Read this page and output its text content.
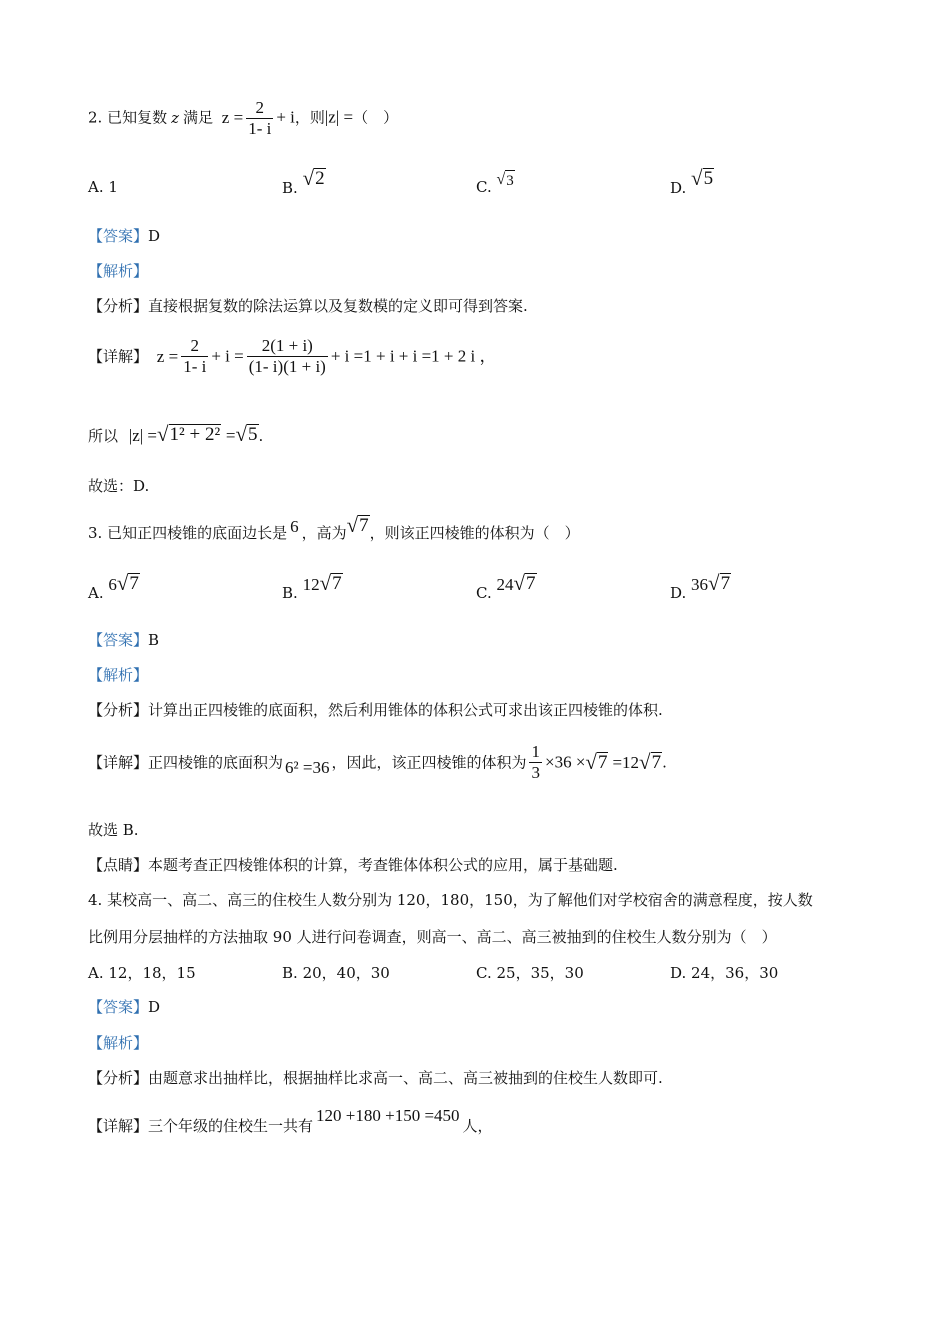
2. 已知复数 z 满足 $z = \frac{2}{1- i} + i$，则|z| =（　）
A. 1	B. √ 2	C. √ 3	D. √ 5
【答案】D
【解析】
【分析】直接根据复数的除法运算以及复数模的定义即可得到答案.
【详解】 $z = \frac{2}{1- i} + i = \frac{2(1 + i)}{(1- i)(1 + i)} + i =1 + i + i =1 + 2$ i ，
所以 |z| = √ 1² + 2² = √ 5 .
故选：D.
3. 已知正四棱锥的底面边长是 6 ，高为 √ 7 ，则该正四棱锥的体积为（　）
A. 6 √ 7	B. 12 √ 7	C. 24 √ 7	D. 36 √ 7
【答案】B
【解析】
【分析】计算出正四棱锥的底面积，然后利用锥体的体积公式可求出该正四棱锥的体积.
【详解】正四棱锥的底面积为 6² =36 ，因此，该正四棱锥的体积为 $\frac{1}{3} \times 36$ × √ 7 =12 √ 7 .
故选 B.
【点睛】本题考查正四棱锥体积的计算，考查锥体体积公式的应用，属于基础题.
4. 某校高一、高二、高三的住校生人数分别为 120，180，150，为了解他们对学校宿舍的满意程度，按人数
比例用分层抽样的方法抽取 90 人进行问卷调查，则高一、高二、高三被抽到的住校生人数分别为（　）
A. 12，18，15	B. 20，40，30	C. 25，35，30	D. 24，36，30
【答案】D
【解析】
【分析】由题意求出抽样比，根据抽样比求高一、高二、高三被抽到的住校生人数即可.
【详解】三个年级的住校生一共有120 +180 +150 =450人，
